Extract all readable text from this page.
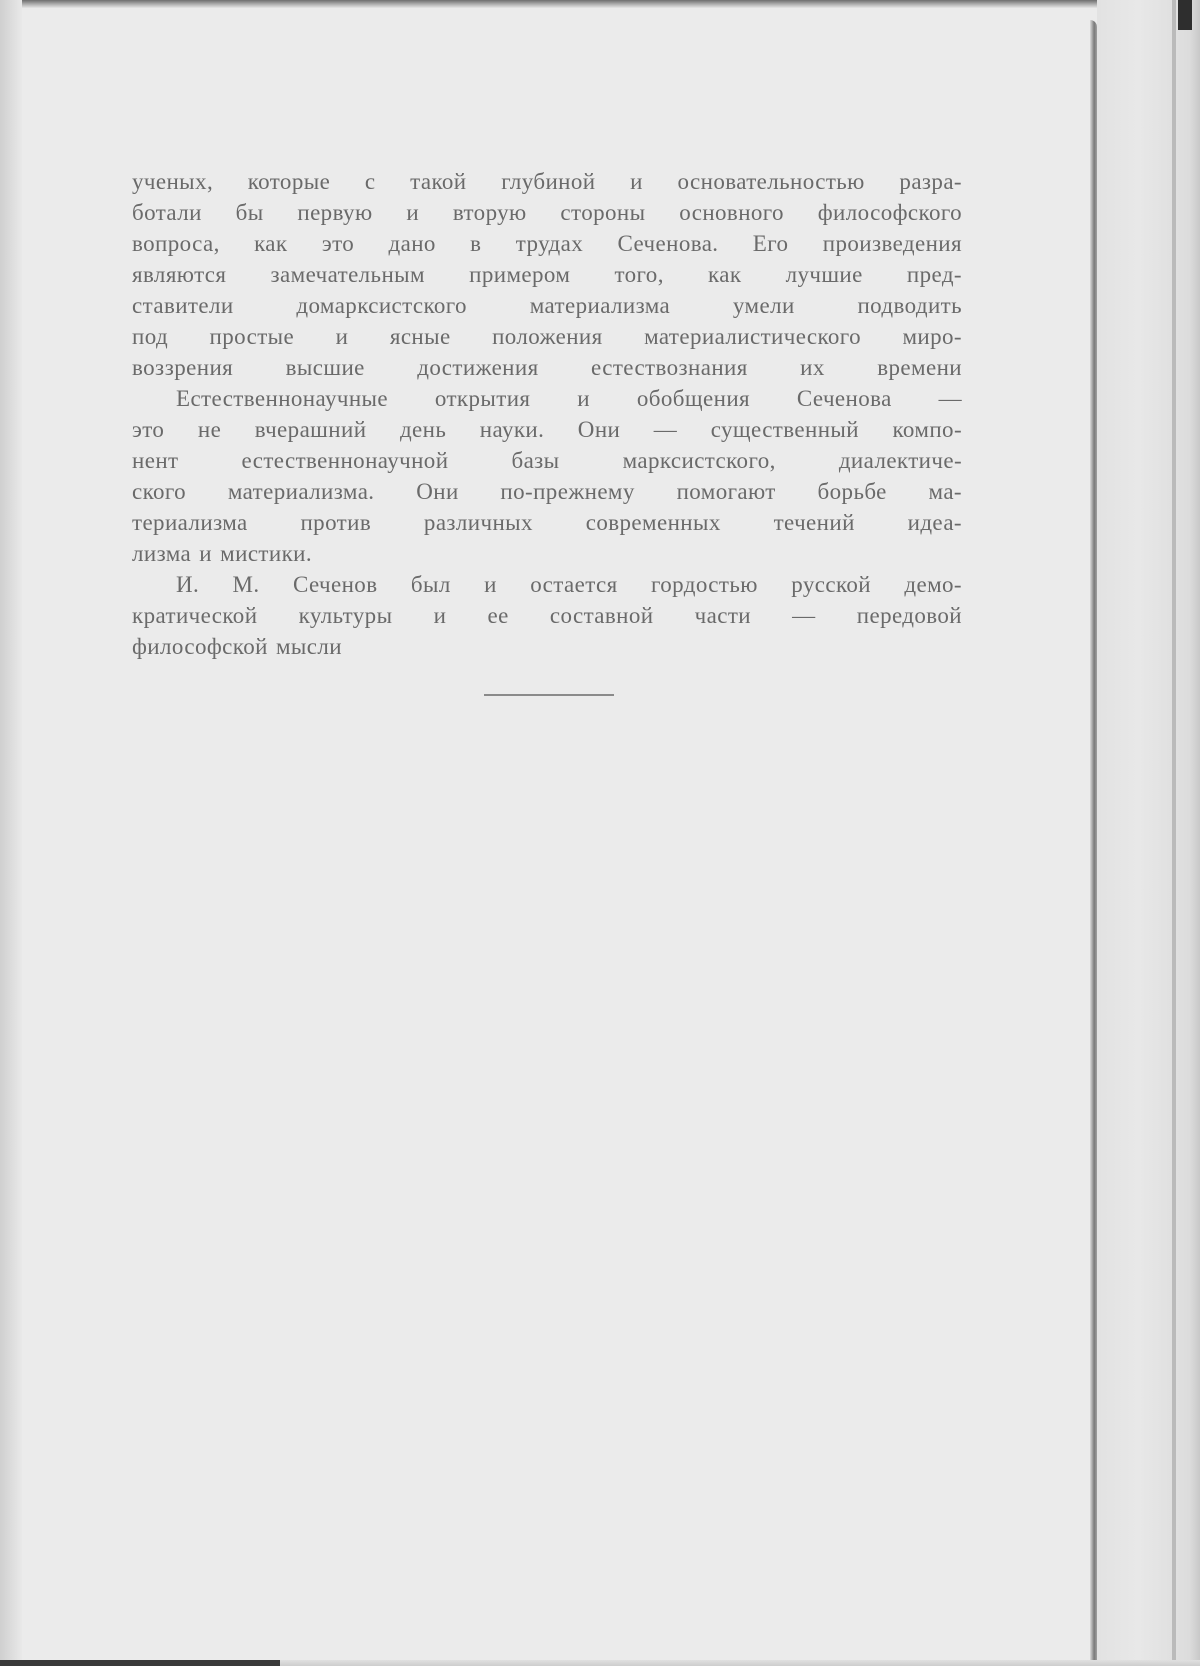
ученых, которые с такой глубиной и основательностью разра-
ботали бы первую и вторую стороны основного философского
вопроса, как это дано в трудах Сеченова. Его произведения
являются замечательным примером того, как лучшие пред-
ставители домарксистского материализма умели подводить
под простые и ясные положения материалистического миро-
воззрения высшие достижения естествознания их времени
Естественнонаучные открытия и обобщения Сеченова —
это не вчерашний день науки. Они — существенный компо-
нент естественнонаучной базы марксистского, диалектиче-
ского материализма. Они по-прежнему помогают борьбе ма-
териализма против различных современных течений идеа-
лизма и мистики.
И. М. Сеченов был и остается гордостью русской демо-
кратической культуры и ее составной части — передовой
философской мысли
